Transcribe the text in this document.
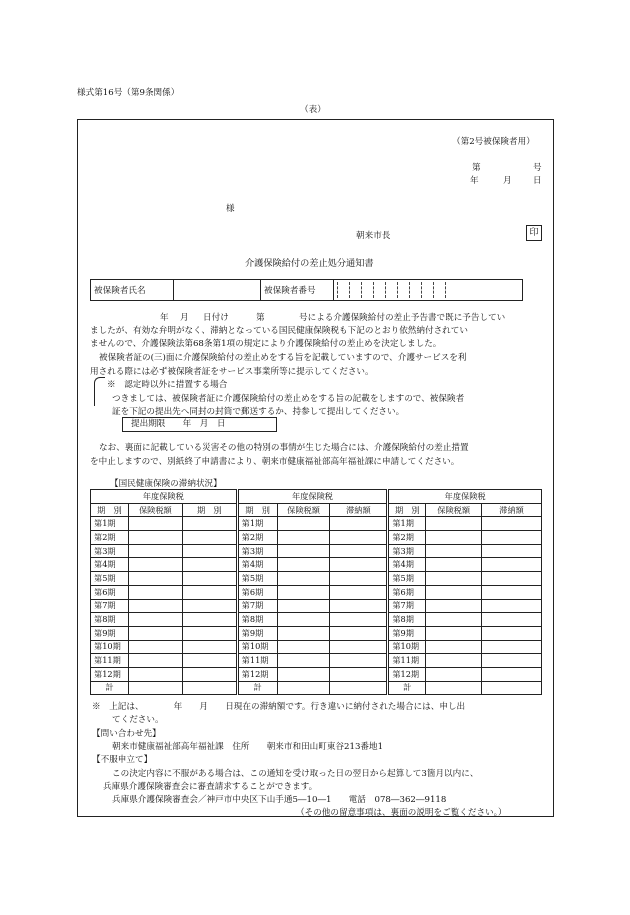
様式第16号（第9条関係）
（表）
（第2号被保険者用）
第	号
年	月 日
様
朝来市長	印
介護保険給付の差止処分通知書
被保険者氏名		被保険者番号	
年 月 日付け	第	号による介護保険給付の差止予告書で既に予告してい
ましたが、有効な弁明がなく、滞納となっている国民健康保険税も下記のとおり依然納付されてい
ませんので、介護保険法第68条第1項の規定により介護保険給付の差止めを決定しました。
被保険者証の(三)面に介護保険給付の差止めをする旨を記載していますので、介護サービスを利
用される際には必ず被保険者証をサービス事業所等に提示してください。
※　認定時以外に措置する場合
つきましては、被保険者証に介護保険給付の差止めをする旨の記載をしますので、被保険者
証を下記の提出先へ同封の封筒で郵送するか、持参して提出してください。
提出期限　　年　月　日
なお、裏面に記載している災害その他の特別の事情が生じた場合には、介護保険給付の差止措置
を中止しますので、別紙終了申請書により、朝来市健康福祉部高年福祉課に申請してください。
【国民健康保険の滞納状況】
年度保険税			年度保険税			年度保険税		
期　別	保険税額	期　別	期　別	保険税額	滞納額	期　別	保険税額	滞納額
第1期			第1期			第1期		
第2期			第2期			第2期		
第3期			第3期			第3期		
第4期			第4期			第4期		
第5期			第5期			第5期		
第6期			第6期			第6期		
第7期			第7期			第7期		
第8期			第8期			第8期		
第9期			第9期			第9期		
第10期			第10期			第10期		
第11期			第11期			第11期		
第12期			第12期			第12期		
計			計			計		
※　上記は、　　　　年　　月　　日現在の滞納額です。行き違いに納付された場合には、申し出
てください。
【問い合わせ先】
朝来市健康福祉部高年福祉課　住所　　朝来市和田山町東谷213番地1
【不服申立て】
この決定内容に不服がある場合は、この通知を受け取った日の翌日から起算して3箇月以内に、
兵庫県介護保険審査会に審査請求することができます。
兵庫県介護保険審査会／神戸市中央区下山手通5―10―1　　電話　078―362―9118
（その他の留意事項は、裏面の説明をご覧ください。）
